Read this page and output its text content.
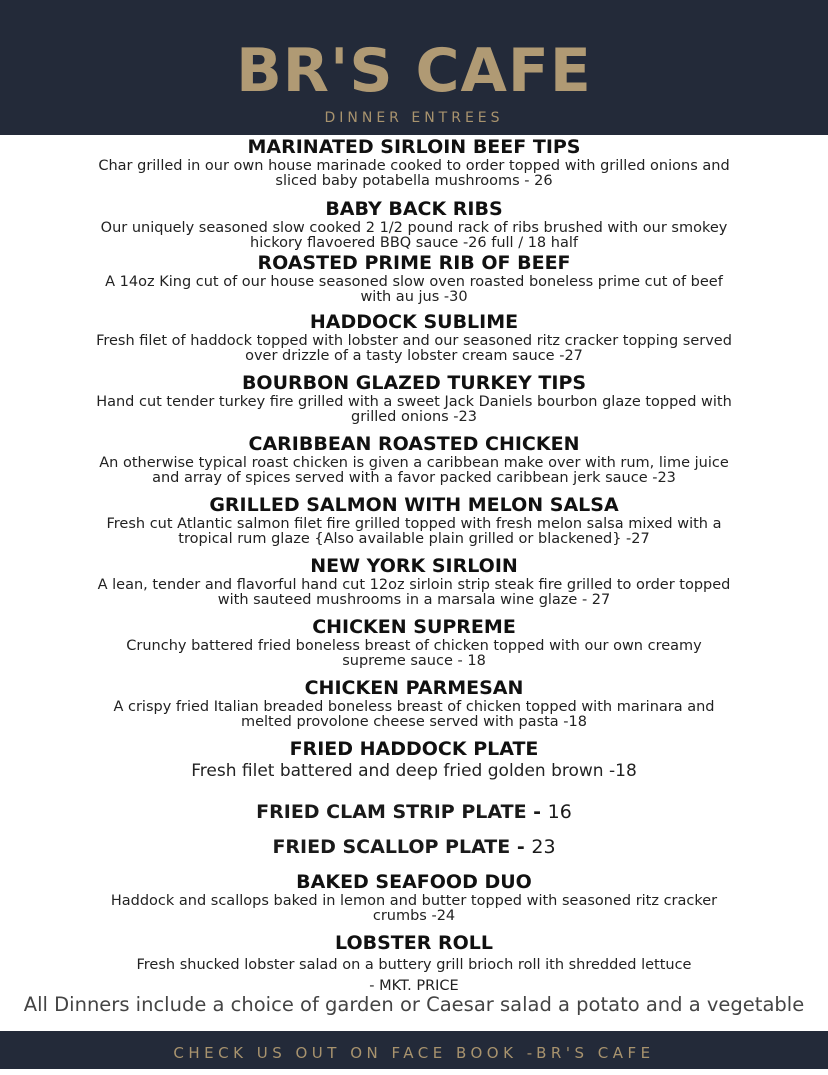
BR'S CAFE
DINNER ENTREES
MARINATED SIRLOIN BEEF TIPS
Char grilled in our own house marinade cooked to order topped with grilled onions and
sliced baby potabella mushrooms - 26
BABY BACK RIBS
Our uniquely seasoned slow cooked 2 1/2 pound rack of ribs brushed with our smokey
hickory flavoered BBQ sauce -26 full / 18 half
ROASTED PRIME RIB OF BEEF
A 14oz King cut of our house seasoned slow oven roasted boneless prime cut of beef
with au jus -30
HADDOCK SUBLIME
Fresh filet of haddock topped with lobster and our seasoned ritz cracker topping served
over drizzle of a tasty lobster cream sauce -27
BOURBON GLAZED TURKEY TIPS
Hand cut tender turkey fire grilled with a sweet Jack Daniels bourbon glaze topped with
grilled onions -23
CARIBBEAN ROASTED CHICKEN
An otherwise typical roast chicken is given a caribbean make over with rum, lime juice
and array of spices served with a favor packed caribbean jerk sauce -23
GRILLED SALMON WITH MELON SALSA
Fresh cut Atlantic salmon filet fire grilled topped with fresh melon salsa mixed with a
tropical rum glaze {Also available plain grilled or blackened} -27
NEW YORK SIRLOIN
A lean, tender and flavorful hand cut 12oz sirloin strip steak fire grilled to order topped
with sauteed mushrooms in a marsala wine glaze - 27
CHICKEN SUPREME
Crunchy battered fried boneless breast of chicken topped with our own creamy
supreme sauce - 18
CHICKEN PARMESAN
A crispy fried Italian breaded boneless breast of chicken topped with marinara and
melted provolone cheese served with pasta -18
FRIED HADDOCK PLATE
Fresh filet battered and deep fried golden brown -18
FRIED CLAM STRIP PLATE - 16
FRIED SCALLOP PLATE - 23
BAKED SEAFOOD DUO
Haddock and scallops baked in lemon and butter topped with seasoned ritz cracker
crumbs -24
LOBSTER ROLL
Fresh shucked lobster salad on a buttery grill brioch roll ith shredded lettuce
- MKT. PRICE
All Dinners include a choice of garden or Caesar salad a potato and a vegetable
CHECK US OUT ON FACE BOOK -BR'S CAFE
